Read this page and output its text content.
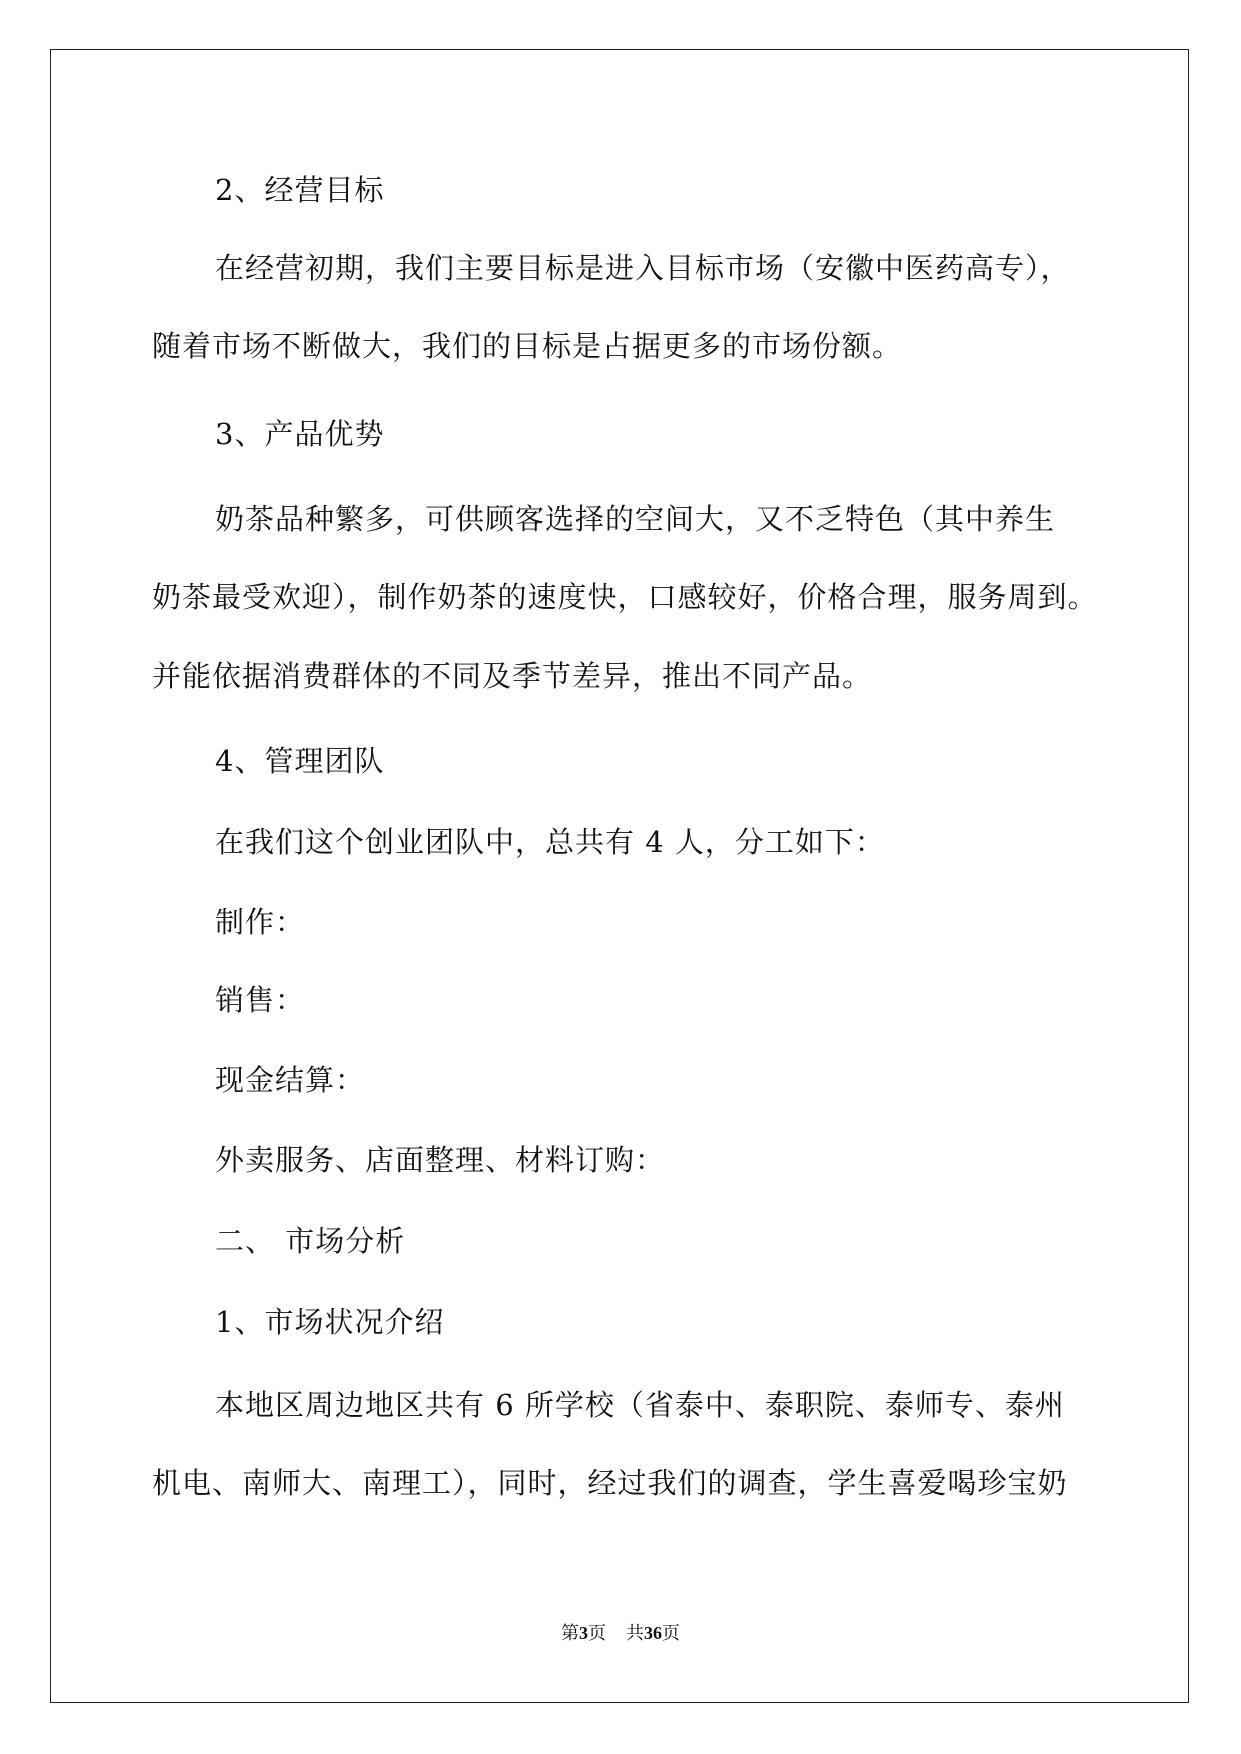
2、经营目标
在经营初期，我们主要目标是进入目标市场（安徽中医药高专），
随着市场不断做大，我们的目标是占据更多的市场份额。
3、产品优势
奶茶品种繁多，可供顾客选择的空间大，又不乏特色（其中养生
奶茶最受欢迎），制作奶茶的速度快，口感较好，价格合理，服务周到。
并能依据消费群体的不同及季节差异，推出不同产品。
4、管理团队
在我们这个创业团队中，总共有 4 人，分工如下：
制作：
销售：
现金结算：
外卖服务、店面整理、材料订购：
二、 市场分析
1、市场状况介绍
本地区周边地区共有 6 所学校（省泰中、泰职院、泰师专、泰州
机电、南师大、南理工），同时，经过我们的调查，学生喜爱喝珍宝奶
第3页 共36页
